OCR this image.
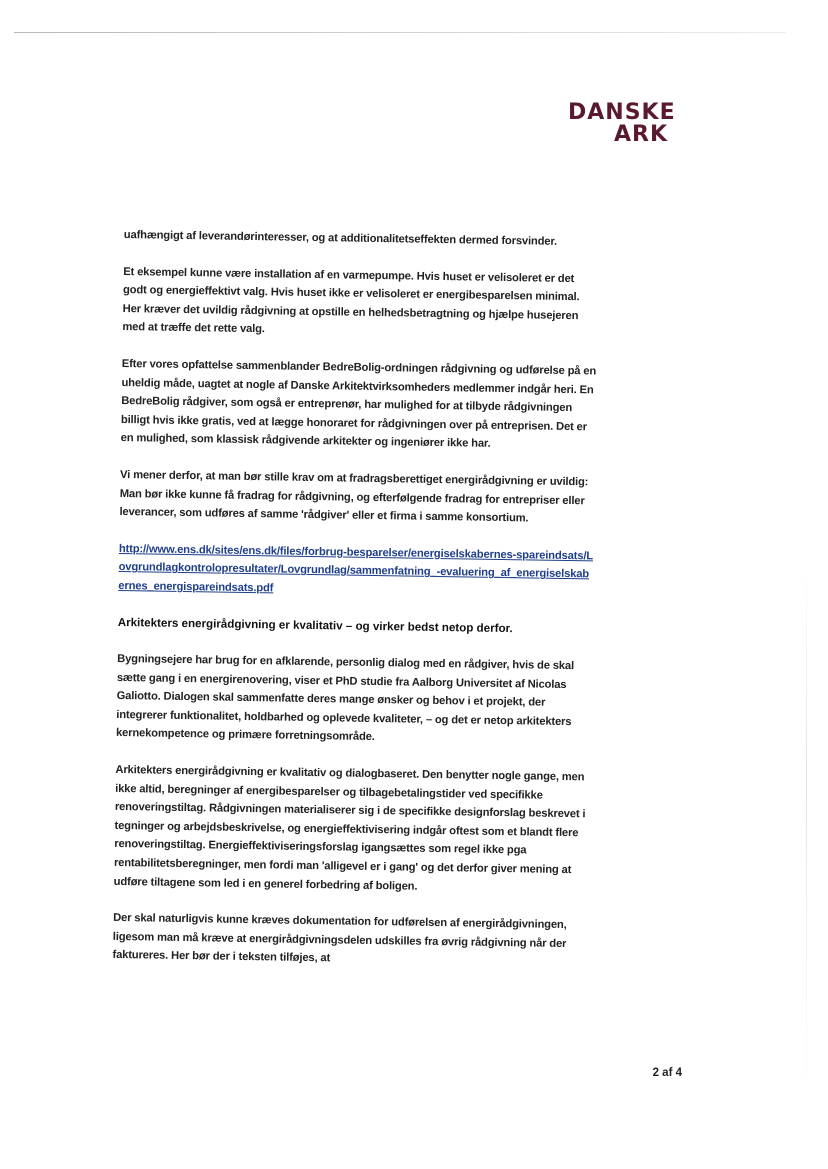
DANSKE
ARK

uafhængigt af leverandørinteresser, og at additionalitetseffekten dermed forsvinder.

Et eksempel kunne være installation af en varmepumpe. Hvis huset er velisoleret er det godt og energieffektivt valg. Hvis huset ikke er velisoleret er energibesparelsen minimal. Her kræver det uvildig rådgivning at opstille en helhedsbetragtning og hjælpe husejeren med at træffe det rette valg.

Efter vores opfattelse sammenblander BedreBolig-ordningen rådgivning og udførelse på en uheldig måde, uagtet at nogle af Danske Arkitektvirksomheders medlemmer indgår heri. En BedreBolig rådgiver, som også er entreprenør, har mulighed for at tilbyde rådgivningen billigt hvis ikke gratis, ved at lægge honoraret for rådgivningen over på entreprisen. Det er en mulighed, som klassisk rådgivende arkitekter og ingeniører ikke har.

Vi mener derfor, at man bør stille krav om at fradragsberettiget energirådgivning er uvildig: Man bør ikke kunne få fradrag for rådgivning, og efterfølgende fradrag for entrepriser eller leverancer, som udføres af samme 'rådgiver' eller et firma i samme konsortium.

http://www.ens.dk/sites/ens.dk/files/forbrug-besparelser/energiselskabernes-spareindsats/Lovgrundlagkontrolopresultater/Lovgrundlag/sammenfatning_-evaluering_af_energiselskabernes_energispareindsats.pdf

Arkitekters energirådgivning er kvalitativ – og virker bedst netop derfor.

Bygningsejere har brug for en afklarende, personlig dialog med en rådgiver, hvis de skal sætte gang i en energirenovering, viser et PhD studie fra Aalborg Universitet af Nicolas Galiotto. Dialogen skal sammenfatte deres mange ønsker og behov i et projekt, der integrerer funktionalitet, holdbarhed og oplevede kvaliteter, – og det er netop arkitekters kernekompetence og primære forretningsområde.

Arkitekters energirådgivning er kvalitativ og dialogbaseret. Den benytter nogle gange, men ikke altid, beregninger af energibesparelser og tilbagebetalingstider ved specifikke renoveringstiltag. Rådgivningen materialiserer sig i de specifikke designforslag beskrevet i tegninger og arbejdsbeskrivelse, og energieffektivisering indgår oftest som et blandt flere renoveringstiltag. Energieffektiviseringsforslag igangsættes som regel ikke pga rentabilitetsberegninger, men fordi man 'alligevel er i gang' og det derfor giver mening at udføre tiltagene som led i en generel forbedring af boligen.

Der skal naturligvis kunne kræves dokumentation for udførelsen af energirådgivningen, ligesom man må kræve at energirådgivningsdelen udskilles fra øvrig rådgivning når der faktureres. Her bør der i teksten tilføjes, at

2 af 4
